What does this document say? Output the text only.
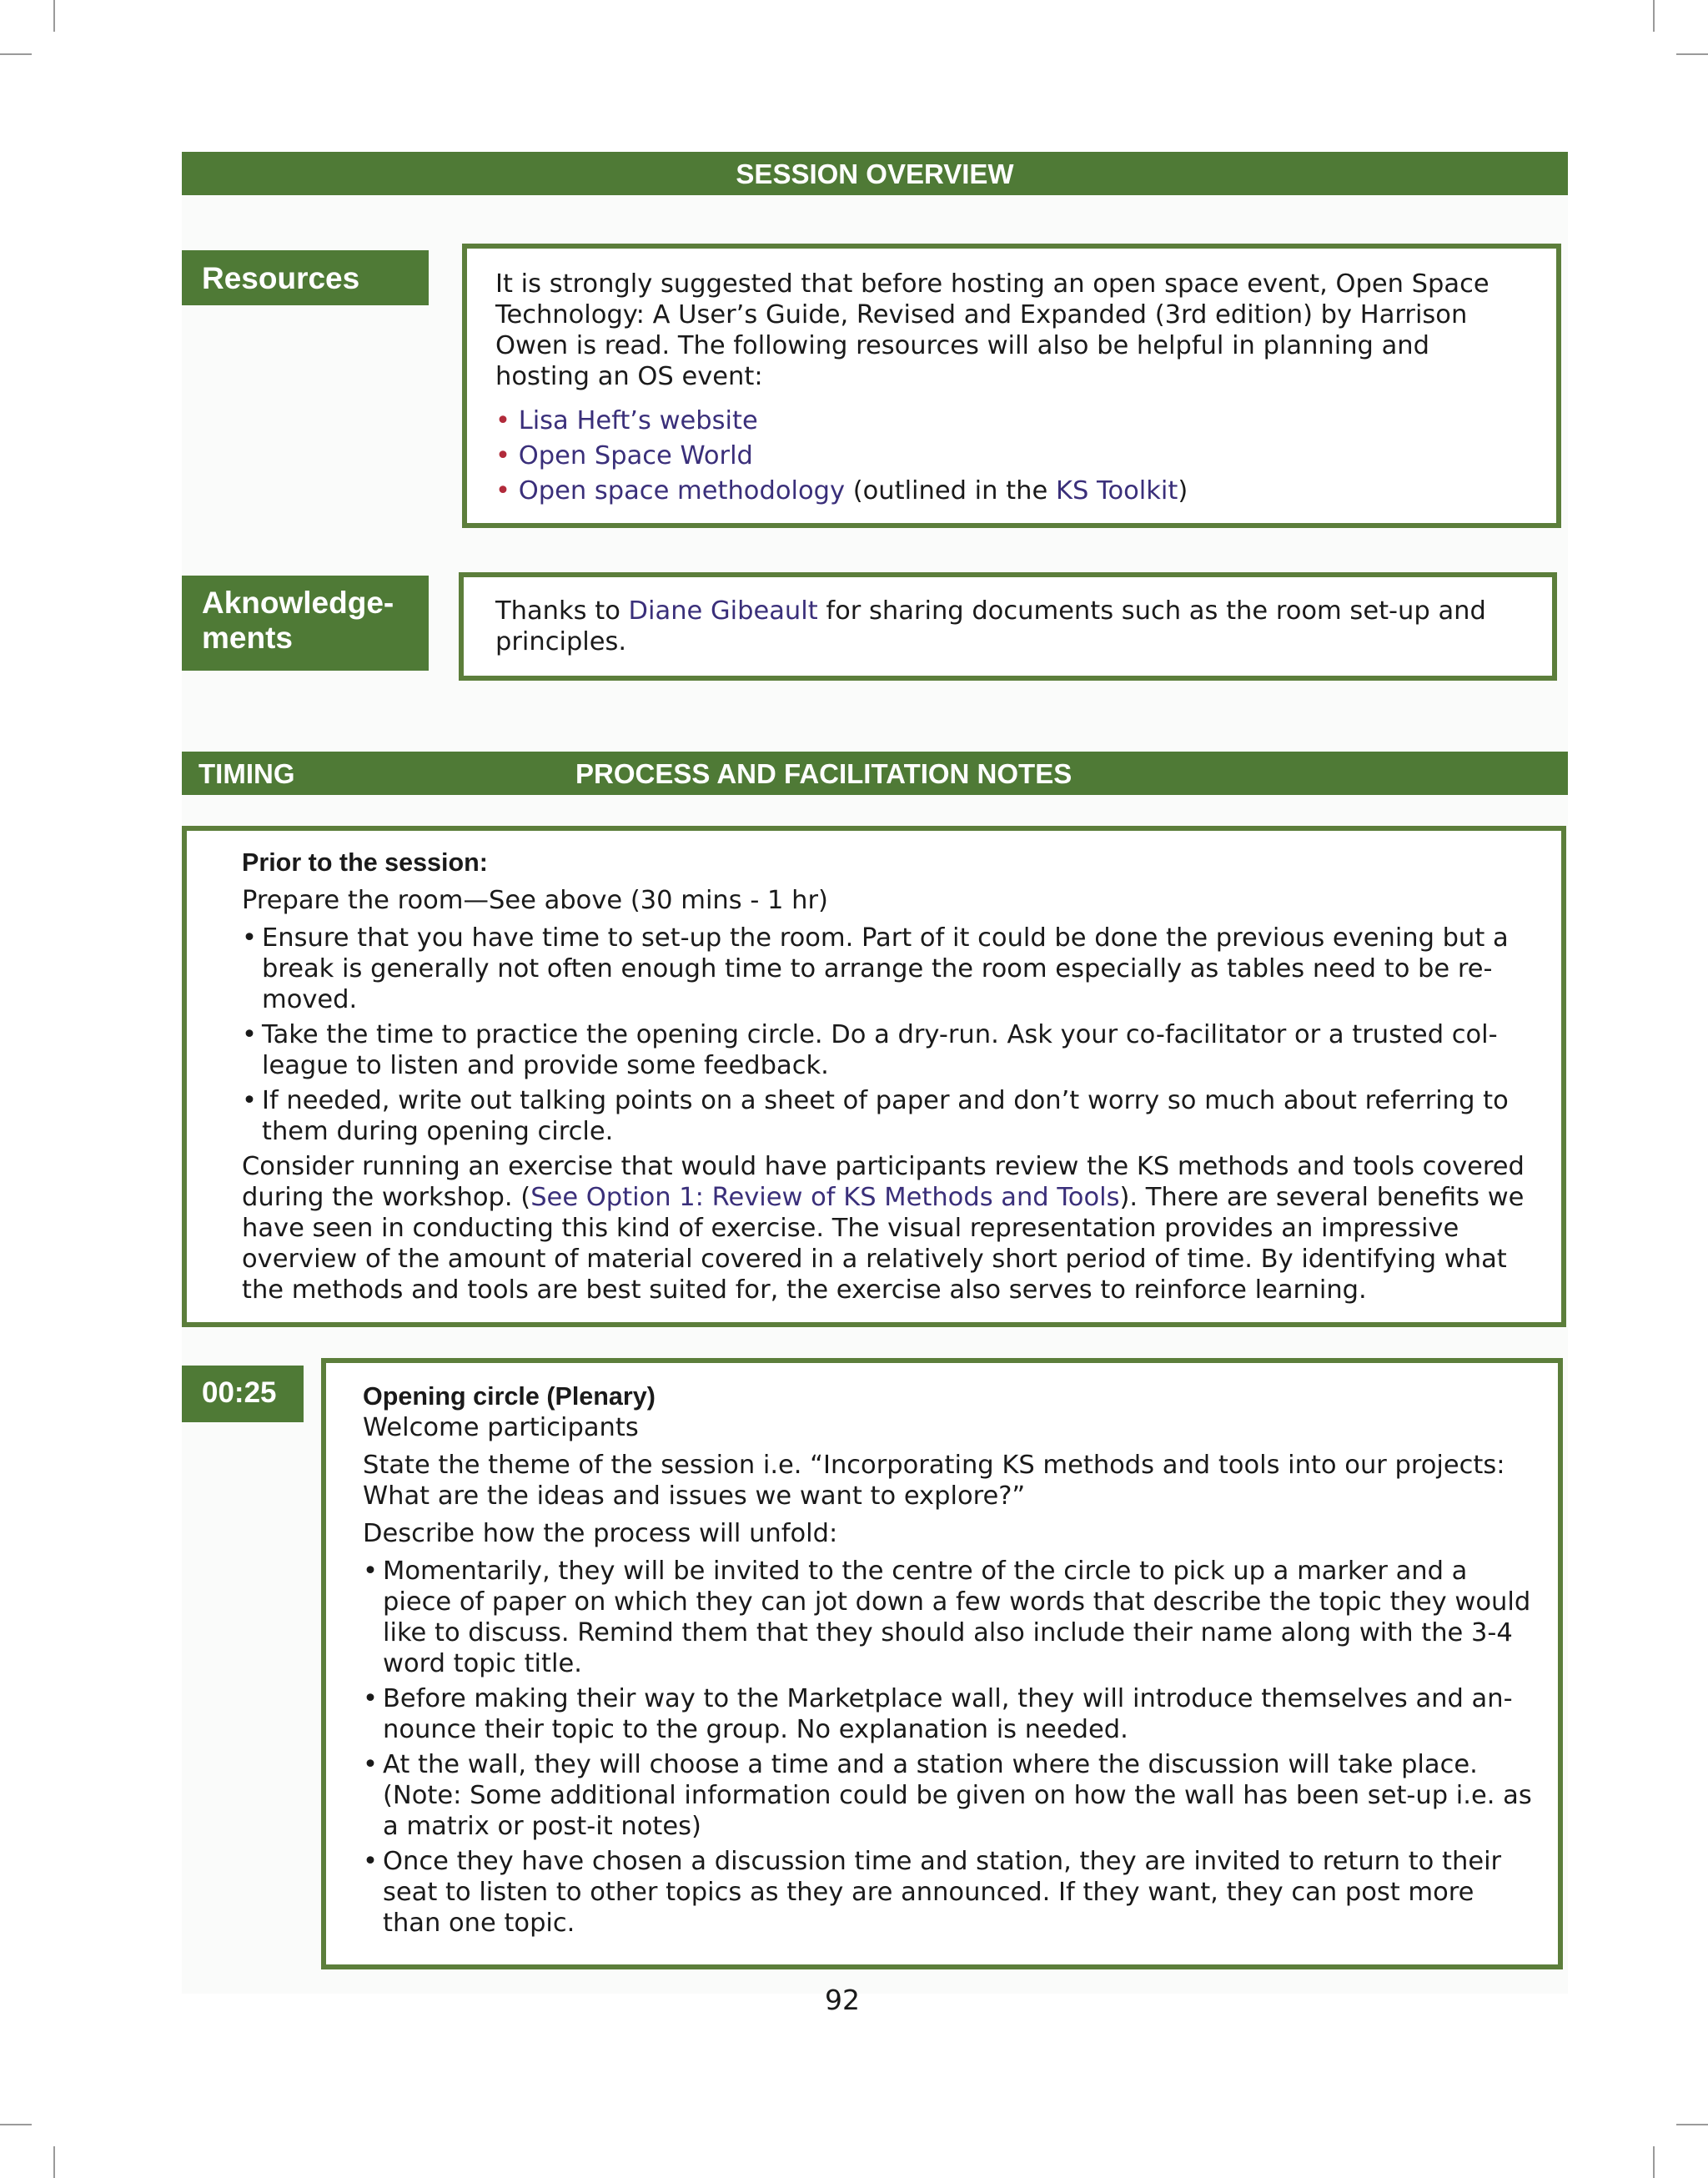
SESSION OVERVIEW
Resources	It is strongly suggested that before hosting an open space event, Open Space Technology: A User’s Guide, Revised and Expanded (3rd edition) by Harrison Owen is read. The following resources will also be helpful in planning and hosting an OS event:

• Lisa Heft’s website
• Open Space World
• Open space methodology (outlined in the KS Toolkit)
Aknowledge-
ments

Thanks to Diane Gibeault for sharing documents such as the room set-up and principles.

TIMING	PROCESS AND FACILITATION NOTES

Prior to the session:

Prepare the room—See above (30 mins - 1 hr)

• Ensure that you have time to set-up the room. Part of it could be done the previous evening but a break is generally not often enough time to arrange the room especially as tables need to be re-moved.
• Take the time to practice the opening circle. Do a dry-run. Ask your co-facilitator or a trusted col-league to listen and provide some feedback.
• If needed, write out talking points on a sheet of paper and don’t worry so much about referring to them during opening circle.

Consider running an exercise that would have participants review the KS methods and tools covered during the workshop. (See Option 1: Review of KS Methods and Tools). There are several benefits we have seen in conducting this kind of exercise. The visual representation provides an impressive overview of the amount of material covered in a relatively short period of time. By identifying what the methods and tools are best suited for, the exercise also serves to reinforce learning.

00:25	Opening circle (Plenary)

Welcome participants

State the theme of the session i.e. “Incorporating KS methods and tools into our projects: What are the ideas and issues we want to explore?”

Describe how the process will unfold:

• Momentarily, they will be invited to the centre of the circle to pick up a marker and a piece of paper on which they can jot down a few words that describe the topic they would like to discuss. Remind them that they should also include their name along with the 3-4 word topic title.
• Before making their way to the Marketplace wall, they will introduce themselves and an-nounce their topic to the group. No explanation is needed.
• At the wall, they will choose a time and a station where the discussion will take place. (Note: Some additional information could be given on how the wall has been set-up i.e. as a matrix or post-it notes)
• Once they have chosen a discussion time and station, they are invited to return to their seat to listen to other topics as they are announced. If they want, they can post more than one topic.
92
